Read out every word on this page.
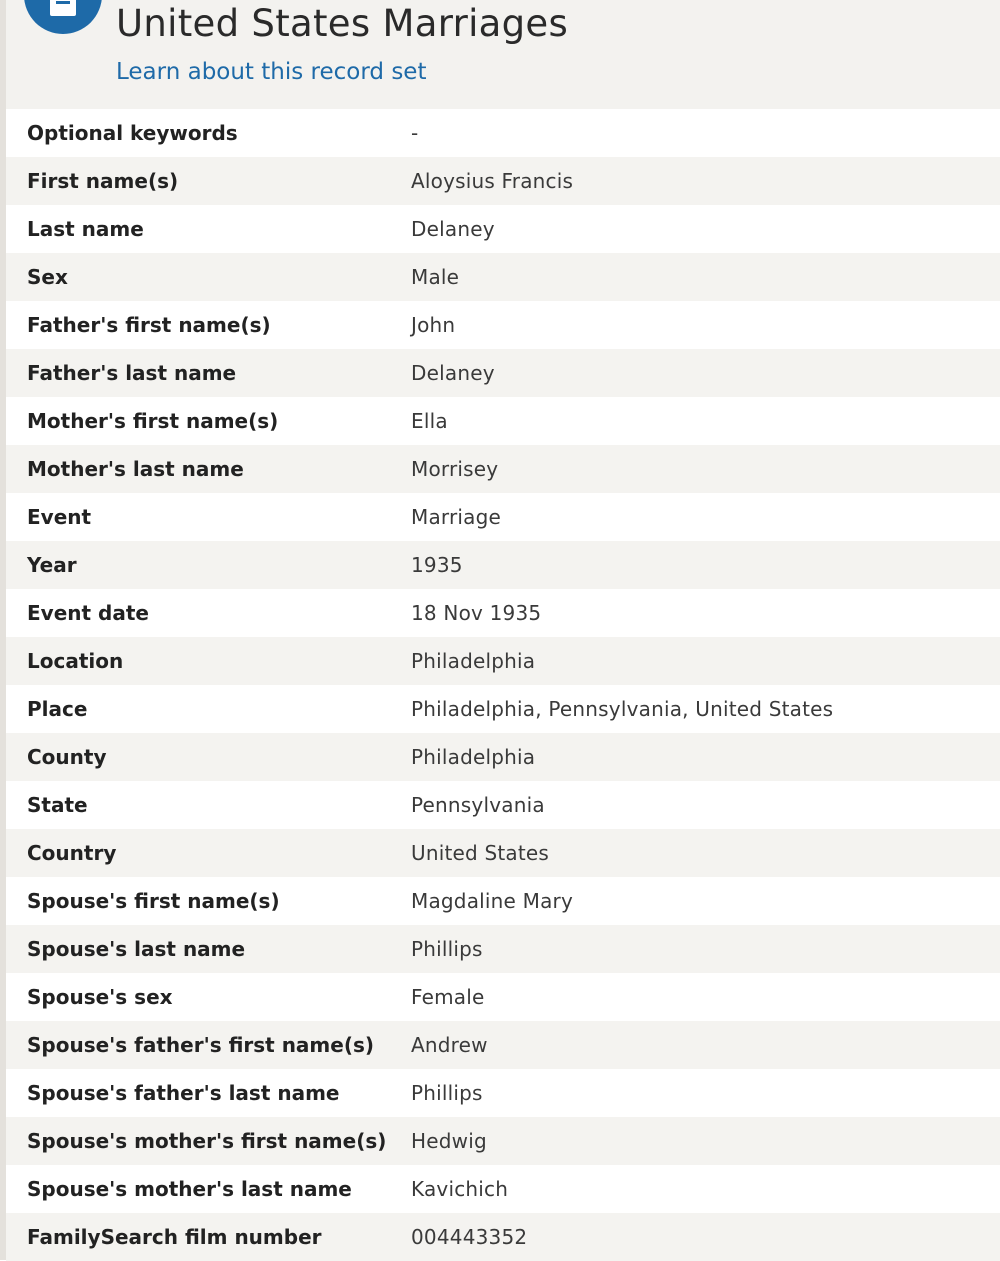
United States Marriages
Learn about this record set
Optional keywords	-
First name(s)	Aloysius Francis
Last name	Delaney
Sex	Male
Father's first name(s)	John
Father's last name	Delaney
Mother's first name(s)	Ella
Mother's last name	Morrisey
Event	Marriage
Year	1935
Event date	18 Nov 1935
Location	Philadelphia
Place	Philadelphia, Pennsylvania, United States
County	Philadelphia
State	Pennsylvania
Country	United States
Spouse's first name(s)	Magdaline Mary
Spouse's last name	Phillips
Spouse's sex	Female
Spouse's father's first name(s)	Andrew
Spouse's father's last name	Phillips
Spouse's mother's first name(s)	Hedwig
Spouse's mother's last name	Kavichich
FamilySearch film number	004443352
